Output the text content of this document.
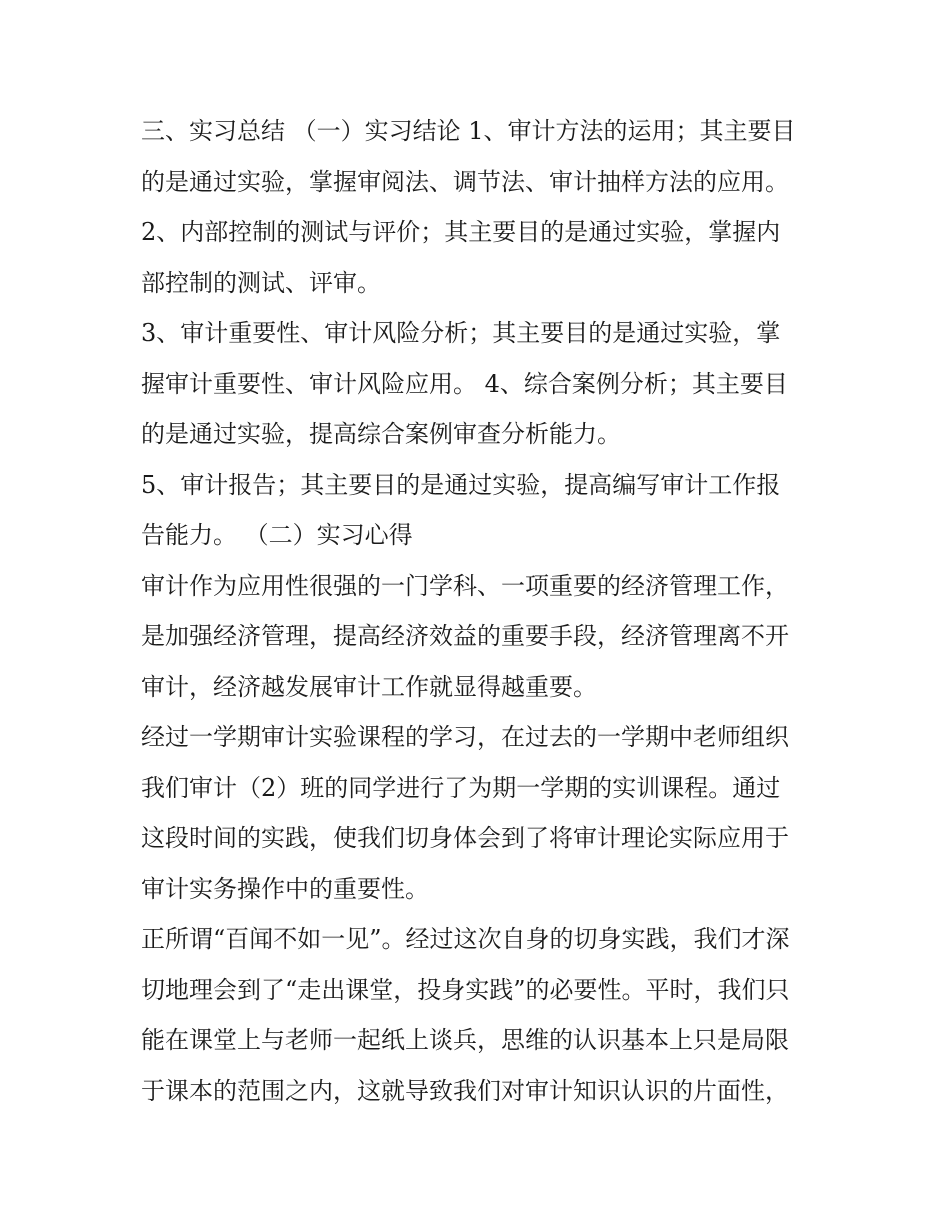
三、实习总结 （一）实习结论 1、审计方法的运用；其主要目
的是通过实验，掌握审阅法、调节法、审计抽样方法的应用。
2、内部控制的测试与评价；其主要目的是通过实验，掌握内
部控制的测试、评审。
3、审计重要性、审计风险分析；其主要目的是通过实验，掌
握审计重要性、审计风险应用。 4、综合案例分析；其主要目
的是通过实验，提高综合案例审查分析能力。
5、审计报告；其主要目的是通过实验，提高编写审计工作报
告能力。 （二）实习心得
审计作为应用性很强的一门学科、一项重要的经济管理工作，
是加强经济管理，提高经济效益的重要手段，经济管理离不开
审计，经济越发展审计工作就显得越重要。
经过一学期审计实验课程的学习，在过去的一学期中老师组织
我们审计（2）班的同学进行了为期一学期的实训课程。通过
这段时间的实践，使我们切身体会到了将审计理论实际应用于
审计实务操作中的重要性。
正所谓“百闻不如一见”。经过这次自身的切身实践，我们才深
切地理会到了“走出课堂，投身实践”的必要性。平时，我们只
能在课堂上与老师一起纸上谈兵，思维的认识基本上只是局限
于课本的范围之内，这就导致我们对审计知识认识的片面性，
